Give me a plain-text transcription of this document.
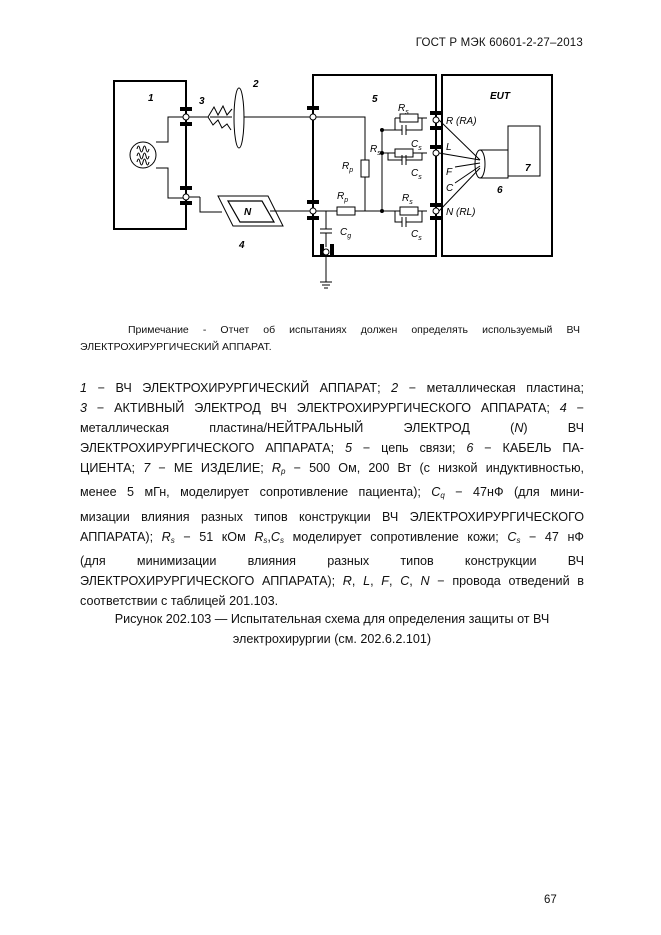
ГОСТ Р МЭК 60601-2-27–2013
1	3
2
N
4
5
$R_p$
$R_p$
$C_g$
$R_s$
$C_s$
$R_s$
$C_s$
$R_s$
$C_s$
EUT
R (RA)
L
F
C
N (RL)
6
7
Примечание - Отчет об испытаниях должен определять используемый ВЧ
ЭЛЕКТРОХИРУРГИЧЕСКИЙ АППАРАТ.
1 − ВЧ ЭЛЕКТРОХИРУРГИЧЕСКИЙ АППАРАТ; 2 − металлическая пластина;
3 − АКТИВНЫЙ ЭЛЕКТРОД ВЧ ЭЛЕКТРОХИРУРГИЧЕСКОГО АППАРАТА; 4 −
металлическая пластина/НЕЙТРАЛЬНЫЙ ЭЛЕКТРОД (N) ВЧ
ЭЛЕКТРОХИРУРГИЧЕСКОГО АППАРАТА; 5 − цепь связи; 6 − КАБЕЛЬ ПА-
ЦИЕНТА; 7 − МЕ ИЗДЕЛИЕ; $R_p - 500$ Ом, 200 Вт (с низкой индуктивностью,
менее 5 мГн, моделирует сопротивление пациента); $C_q - 47нФ$ (для мини-
мизации влияния разных типов конструкции ВЧ ЭЛЕКТРОХИРУРГИЧЕСКОГО
АППАРАТА); $R_s - 51$ кОм $R_s,C_s$ моделирует сопротивление кожи; $C_s - 47$ нФ
(для минимизации влияния разных типов конструкции ВЧ
ЭЛЕКТРОХИРУРГИЧЕСКОГО АППАРАТА); R, L, F, C, N − провода отведений в
соответствии с таблицей 201.103.
Рисунок 202.103 — Испытательная схема для определения защиты от ВЧ
электрохирургии (см. 202.6.2.101)
67
